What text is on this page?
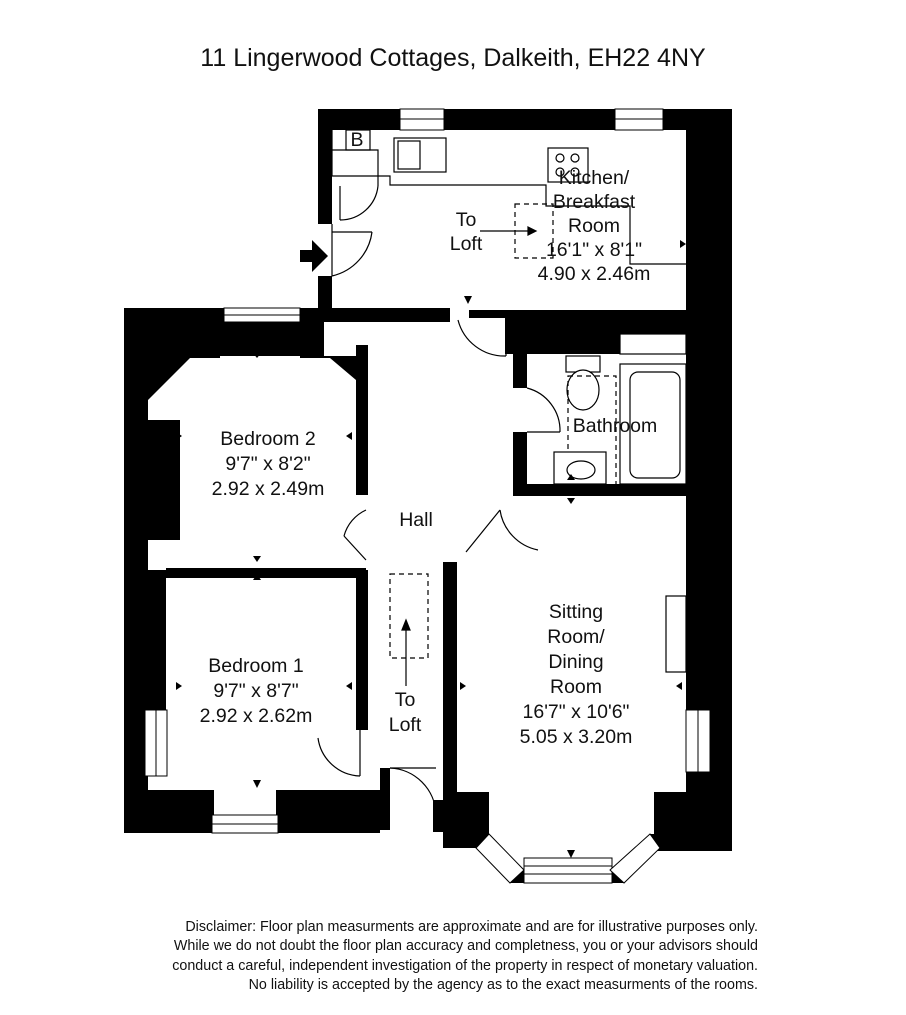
11 Lingerwood Cottages, Dalkeith, EH22 4NY
B
Kitchen/
Breakfast
Room
16'1" x 8'1"
4.90 x 2.46m
To
Loft
Bedroom 2
9'7" x 8'2"
2.92 x 2.49m
Bathroom
Hall
Bedroom 1
9'7" x 8'7"
2.92 x 2.62m
To
Loft
Sitting
Room/
Dining
Room
16'7" x 10'6"
5.05 x 3.20m
Disclaimer: Floor plan measurments are approximate and are for illustrative purposes only.
While we do not doubt the floor plan accuracy and completness, you or your advisors should
conduct a careful, independent investigation of the property in respect of monetary valuation.
No liability is accepted by the agency as to the exact measurments of the rooms.
